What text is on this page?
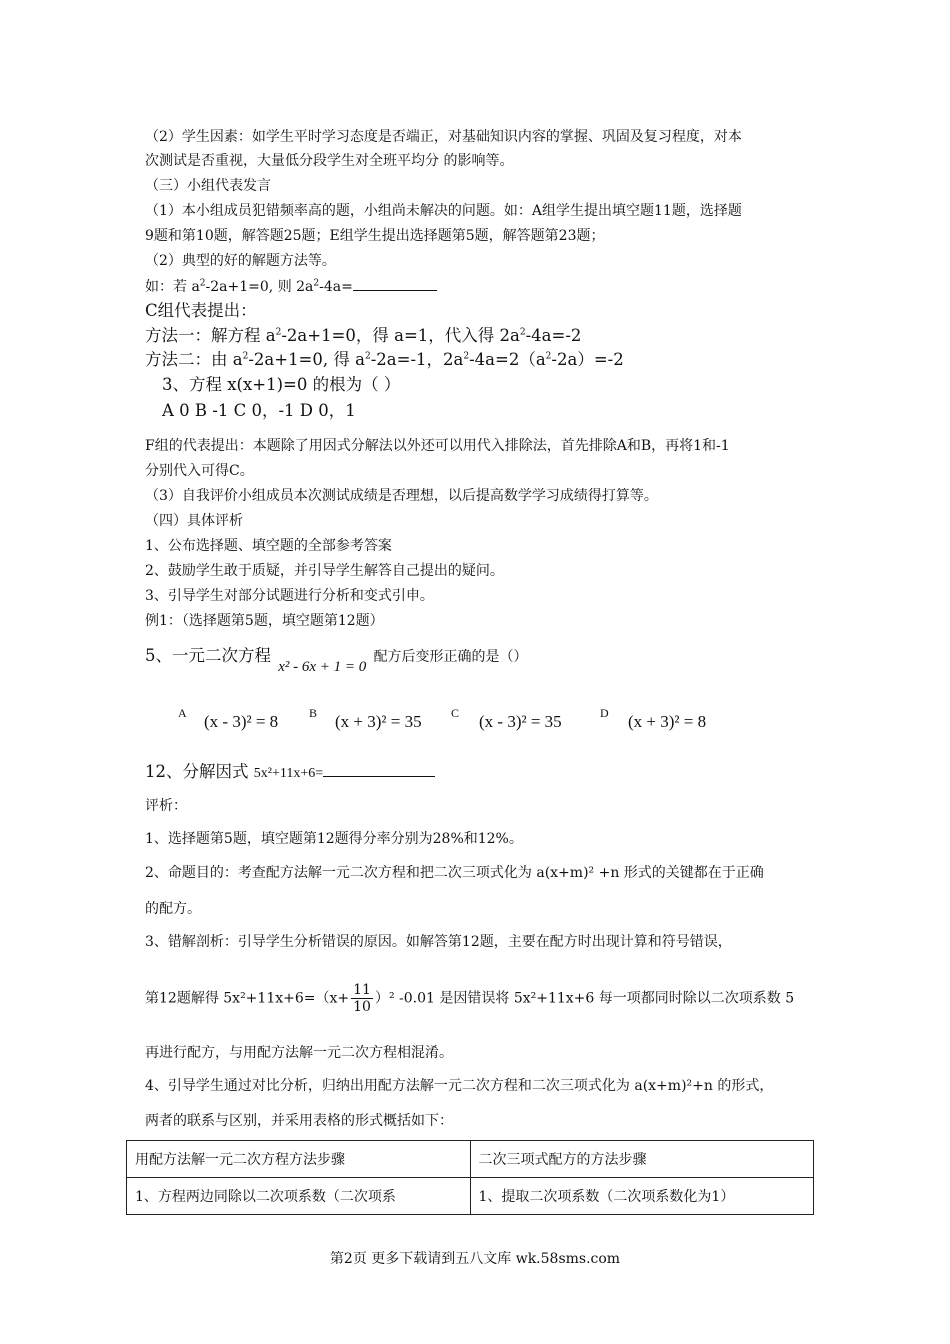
（2）学生因素：如学生平时学习态度是否端正，对基础知识内容的掌握、巩固及复习程度，对本
次测试是否重视，大量低分段学生对全班平均分 的影响等。
（三）小组代表发言
（1）本小组成员犯错频率高的题，小组尚未解决的问题。如：A组学生提出填空题11题，选择题
9题和第10题，解答题25题；E组学生提出选择题第5题，解答题第23题；
（2）典型的好的解题方法等。
如：若 $a^2-2a+1=0$, 则 $2a^2-4a=$
C组代表提出：
方法一：解方程 $a^2-2a+1=0$，得 a=1，代入得 $2a^2-4a=-2$
方法二：由 $a^2-2a+1=0$, 得 $a^2-2a=-1$，$2a^2-4a=2(a^2-2a)=-2$
3、方程 x(x+1)=0 的根为（ ）
A 0 B -1 C 0，-1 D 0，1
F组的代表提出：本题除了用因式分解法以外还可以用代入排除法，首先排除A和B，再将1和-1
分别代入可得C。
（3）自我评价小组成员本次测试成绩是否理想，以后提高数学学习成绩得打算等。
（四）具体评析
1、公布选择题、填空题的全部参考答案
2、鼓励学生敢于质疑，并引导学生解答自己提出的疑问。
3、引导学生对部分试题进行分析和变式引申。
例1：（选择题第5题，填空题第12题）
5、一元二次方程 x² - 6x + 1 = 0 配方后变形正确的是（）
A (x - 3)² = 8	B (x + 3)² = 35 C (x - 3)² = 35	D (x + 3)² = 8
12、分解因式 5x²+11x+6=
评析：
1、选择题第5题，填空题第12题得分率分别为28%和12%。
2、命题目的：考查配方法解一元二次方程和把二次三项式化为 a(x+m)² +n 形式的关键都在于正确
的配方。
3、错解剖析：引导学生分析错误的原因。如解答第12题，主要在配方时出现计算和符号错误，
第12题解得 $5x^2+11x+6=(x+ \frac{11}{10} )^2$ -0.01 是因错误将 5x²+11x+6 每一项都同时除以二次项系数 5
再进行配方，与用配方法解一元二次方程相混淆。
4、引导学生通过对比分析，归纳出用配方法解一元二次方程和二次三项式化为 a(x+m)²+n 的形式，
两者的联系与区别，并采用表格的形式概括如下：
用配方法解一元二次方程方法步骤	二次三项式配方的方法步骤
1、方程两边同除以二次项系数（二次项系	1、提取二次项系数（二次项系数化为1）
第2页 更多下载请到五八文库 wk.58sms.com
